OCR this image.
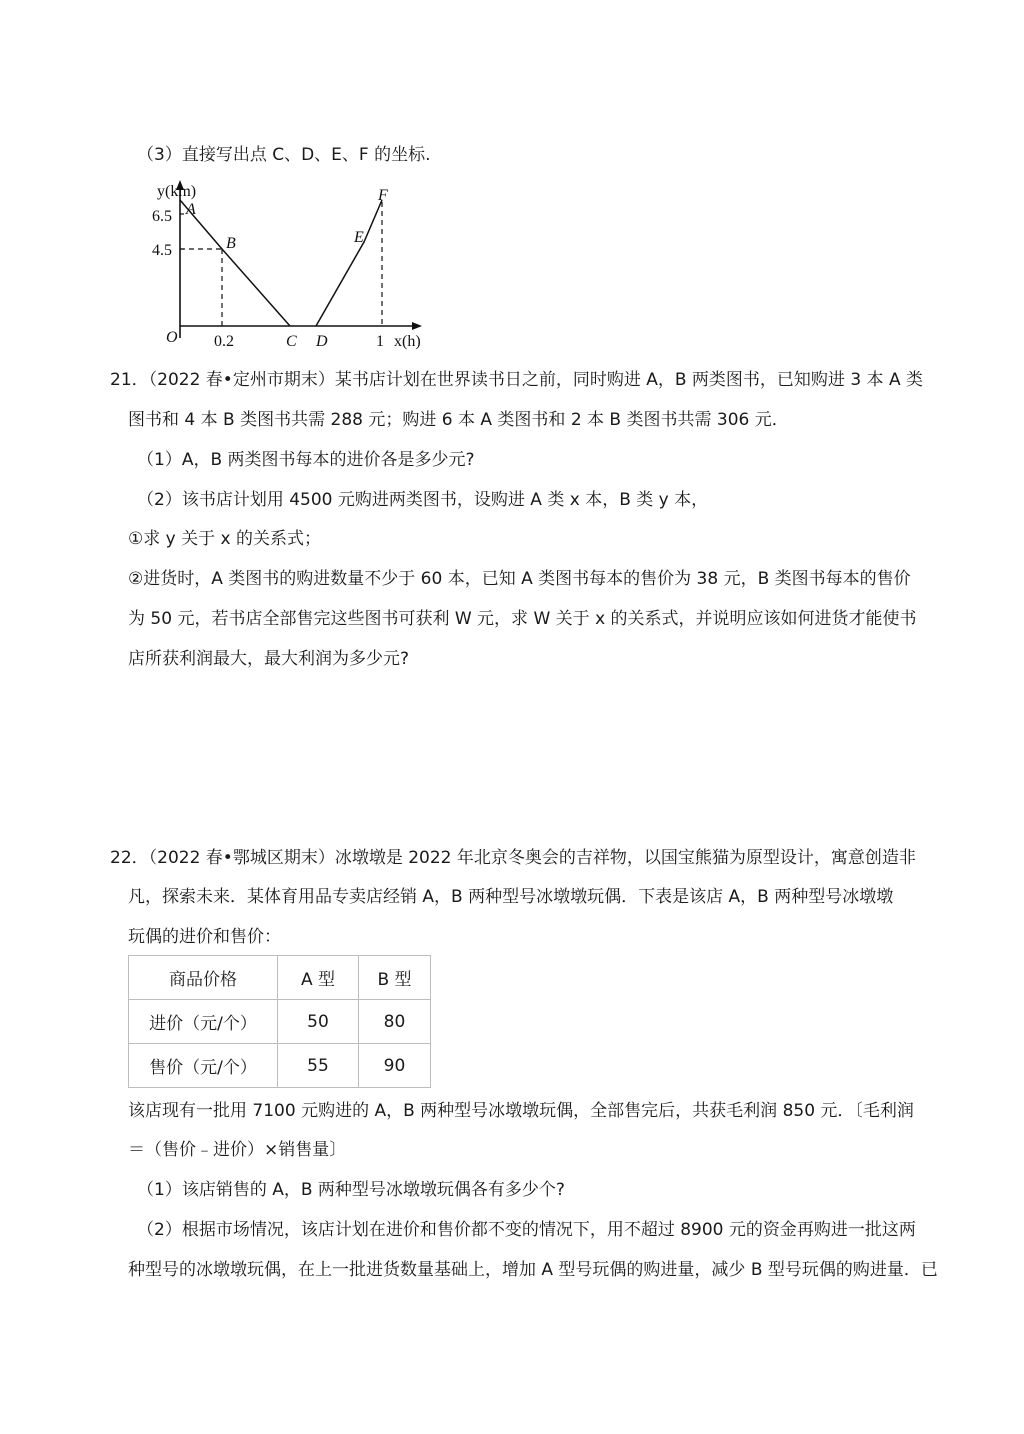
（3）直接写出点 C、D、E、F 的坐标.
y(km)
6.5
4.5
O 0.2	1 x(h)
A
B
C D
E
F
21．（2022 春•定州市期末）某书店计划在世界读书日之前，同时购进 A，B 两类图书，已知购进 3 本 A 类
图书和 4 本 B 类图书共需 288 元；购进 6 本 A 类图书和 2 本 B 类图书共需 306 元．
（1）A，B 两类图书每本的进价各是多少元?
（2）该书店计划用 4500 元购进两类图书，设购进 A 类 x 本，B 类 y 本，
①求 y 关于 x 的关系式；
②进货时，A 类图书的购进数量不少于 60 本，已知 A 类图书每本的售价为 38 元，B 类图书每本的售价
为 50 元，若书店全部售完这些图书可获利 W 元，求 W 关于 x 的关系式，并说明应该如何进货才能使书
店所获利润最大，最大利润为多少元?
22．（2022 春•鄂城区期末）冰墩墩是 2022 年北京冬奥会的吉祥物，以国宝熊猫为原型设计，寓意创造非
凡，探索未来．某体育用品专卖店经销 A，B 两种型号冰墩墩玩偶．下表是该店 A，B 两种型号冰墩墩
玩偶的进价和售价：
商品价格	A 型	B 型
进价（元/个）	50	80
售价（元/个）	55	90
该店现有一批用 7100 元购进的 A，B 两种型号冰墩墩玩偶，全部售完后，共获毛利润 850 元．〔毛利润
＝（售价﹣进价）×销售量〕
（1）该店销售的 A，B 两种型号冰墩墩玩偶各有多少个?
（2）根据市场情况，该店计划在进价和售价都不变的情况下，用不超过 8900 元的资金再购进一批这两
种型号的冰墩墩玩偶，在上一批进货数量基础上，增加 A 型号玩偶的购进量，减少 B 型号玩偶的购进量．已
